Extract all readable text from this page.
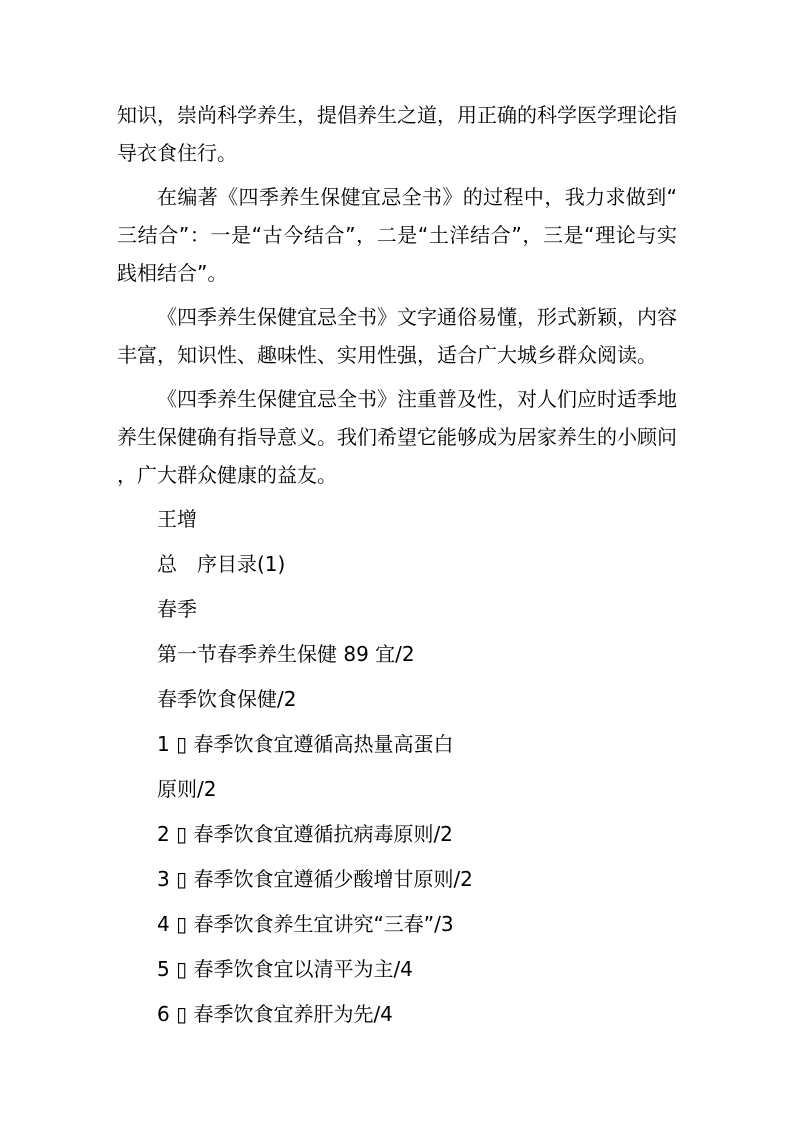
知识，崇尚科学养生，提倡养生之道，用正确的科学医学理论指导衣食住行。

在编著《四季养生保健宜忌全书》的过程中，我力求做到“三结合”：一是“古今结合”，二是“土洋结合”，三是“理论与实践相结合”。

《四季养生保健宜忌全书》文字通俗易懂，形式新颖，内容丰富，知识性、趣味性、实用性强，适合广大城乡群众阅读。

《四季养生保健宜忌全书》注重普及性，对人们应时适季地养生保健确有指导意义。我们希望它能够成为居家养生的小顾问，广大群众健康的益友。

王增
总　序目录(1)
春季
第一节春季养生保健 89 宜/2
春季饮食保健/2
1 ▯ 春季饮食宜遵循高热量高蛋白
原则/2
2 ▯ 春季饮食宜遵循抗病毒原则/2
3 ▯ 春季饮食宜遵循少酸增甘原则/2
4 ▯ 春季饮食养生宜讲究“三春”/3
5 ▯ 春季饮食宜以清平为主/4
6 ▯ 春季饮食宜养肝为先/4
